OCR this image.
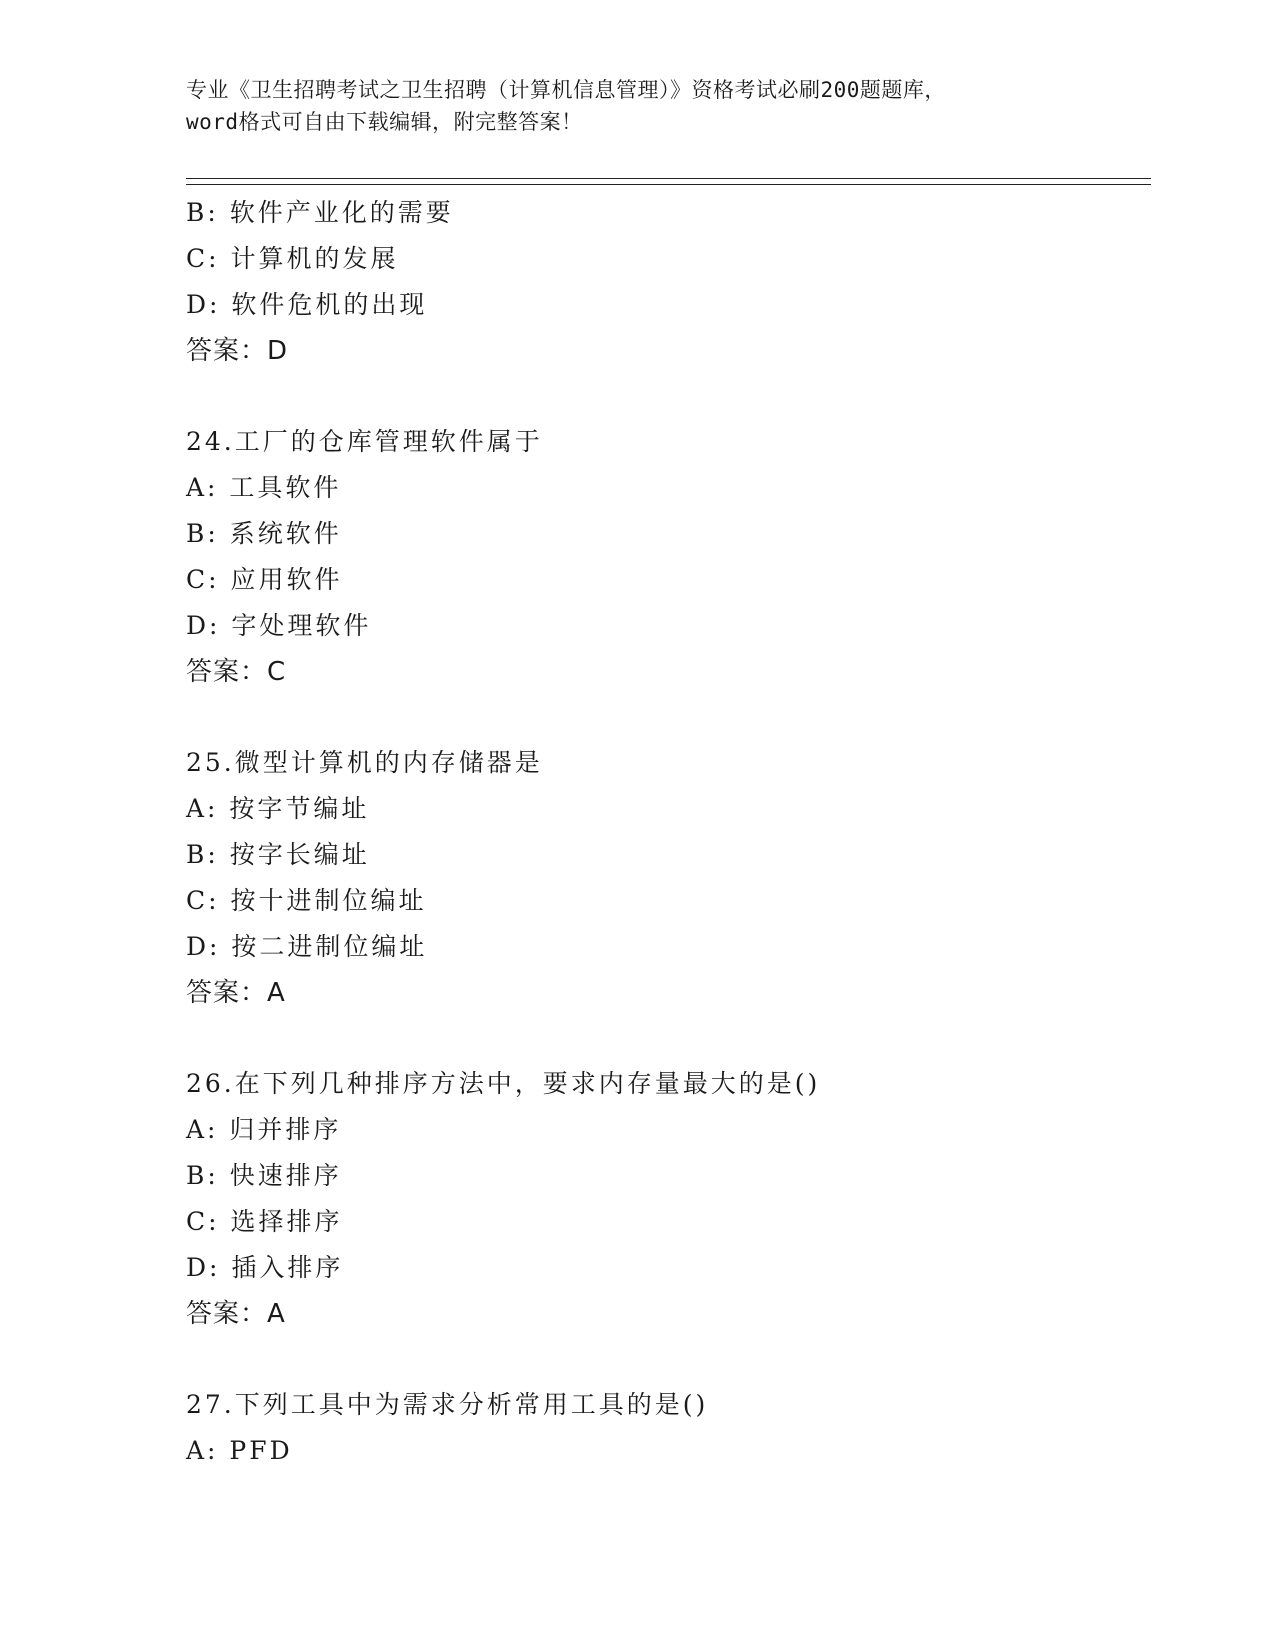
专业《卫生招聘考试之卫生招聘（计算机信息管理）》资格考试必刷200题题库，
word格式可自由下载编辑，附完整答案！
B: 软件产业化的需要
C: 计算机的发展
D: 软件危机的出现
答案：D
24.工厂的仓库管理软件属于
A: 工具软件
B: 系统软件
C: 应用软件
D: 字处理软件
答案：C
25.微型计算机的内存储器是
A: 按字节编址
B: 按字长编址
C: 按十进制位编址
D: 按二进制位编址
答案：A
26.在下列几种排序方法中，要求内存量最大的是()
A: 归并排序
B: 快速排序
C: 选择排序
D: 插入排序
答案：A
27.下列工具中为需求分析常用工具的是()
A: PFD
